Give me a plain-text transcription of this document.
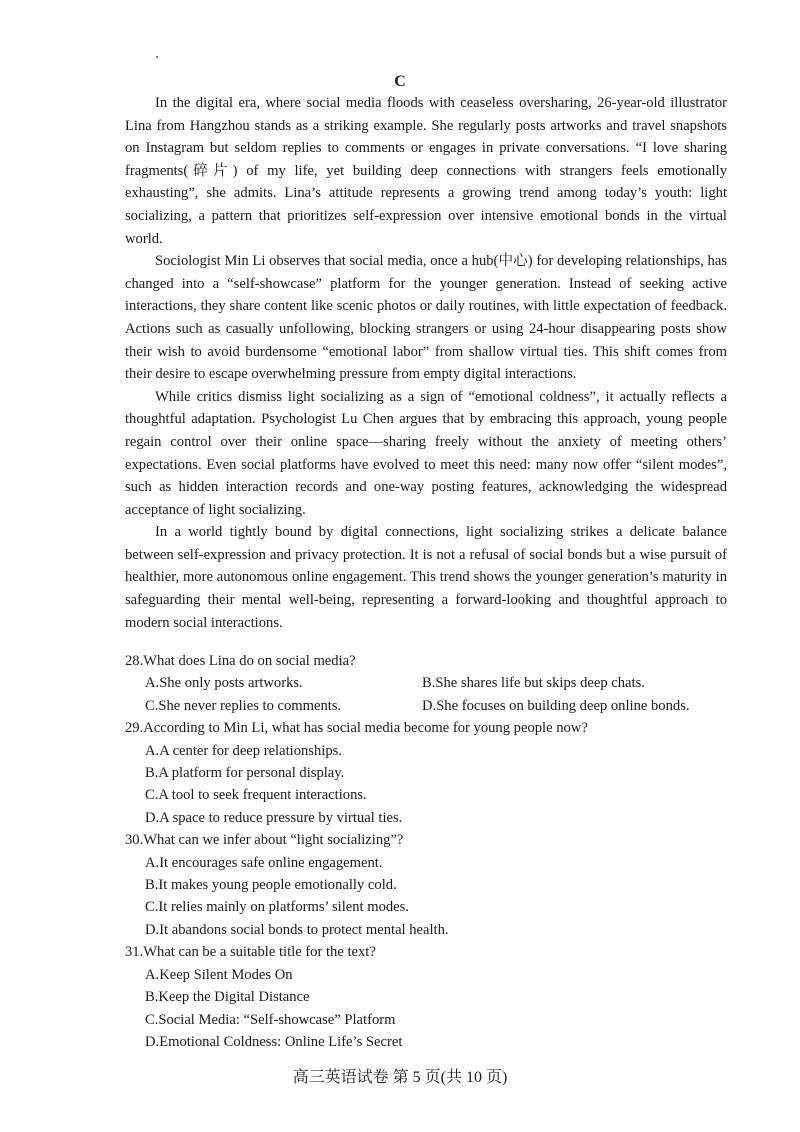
C

In the digital era, where social media floods with ceaseless oversharing, 26-year-old illustrator Lina from Hangzhou stands as a striking example. She regularly posts artworks and travel snapshots on Instagram but seldom replies to comments or engages in private conversations. “I love sharing fragments(碎片) of my life, yet building deep connections with strangers feels emotionally exhausting”, she admits. Lina’s attitude represents a growing trend among today’s youth: light socializing, a pattern that prioritizes self-expression over intensive emotional bonds in the virtual world.

Sociologist Min Li observes that social media, once a hub(中心) for developing relationships, has changed into a “self-showcase” platform for the younger generation. Instead of seeking active interactions, they share content like scenic photos or daily routines, with little expectation of feedback. Actions such as casually unfollowing, blocking strangers or using 24-hour disappearing posts show their wish to avoid burdensome “emotional labor” from shallow virtual ties. This shift comes from their desire to escape overwhelming pressure from empty digital interactions.

While critics dismiss light socializing as a sign of “emotional coldness”, it actually reflects a thoughtful adaptation. Psychologist Lu Chen argues that by embracing this approach, young people regain control over their online space—sharing freely without the anxiety of meeting others’ expectations. Even social platforms have evolved to meet this need: many now offer “silent modes”, such as hidden interaction records and one-way posting features, acknowledging the widespread acceptance of light socializing.

In a world tightly bound by digital connections, light socializing strikes a delicate balance between self-expression and privacy protection. It is not a refusal of social bonds but a wise pursuit of healthier, more autonomous online engagement. This trend shows the younger generation’s maturity in safeguarding their mental well-being, representing a forward-looking and thoughtful approach to modern social interactions.

28.What does Lina do on social media?

A.She only posts artworks.	B.She shares life but skips deep chats.
C.She never replies to comments.	D.She focuses on building deep online bonds.

29.According to Min Li, what has social media become for young people now?

A.A center for deep relationships.
B.A platform for personal display.
C.A tool to seek frequent interactions.
D.A space to reduce pressure by virtual ties.

30.What can we infer about “light socializing”?

A.It encourages safe online engagement.
B.It makes young people emotionally cold.
C.It relies mainly on platforms’ silent modes.
D.It abandons social bonds to protect mental health.

31.What can be a suitable title for the text?

A.Keep Silent Modes On
B.Keep the Digital Distance
C.Social Media: “Self-showcase” Platform
D.Emotional Coldness: Online Life’s Secret
高三英语试卷 第 5 页(共 10 页)
